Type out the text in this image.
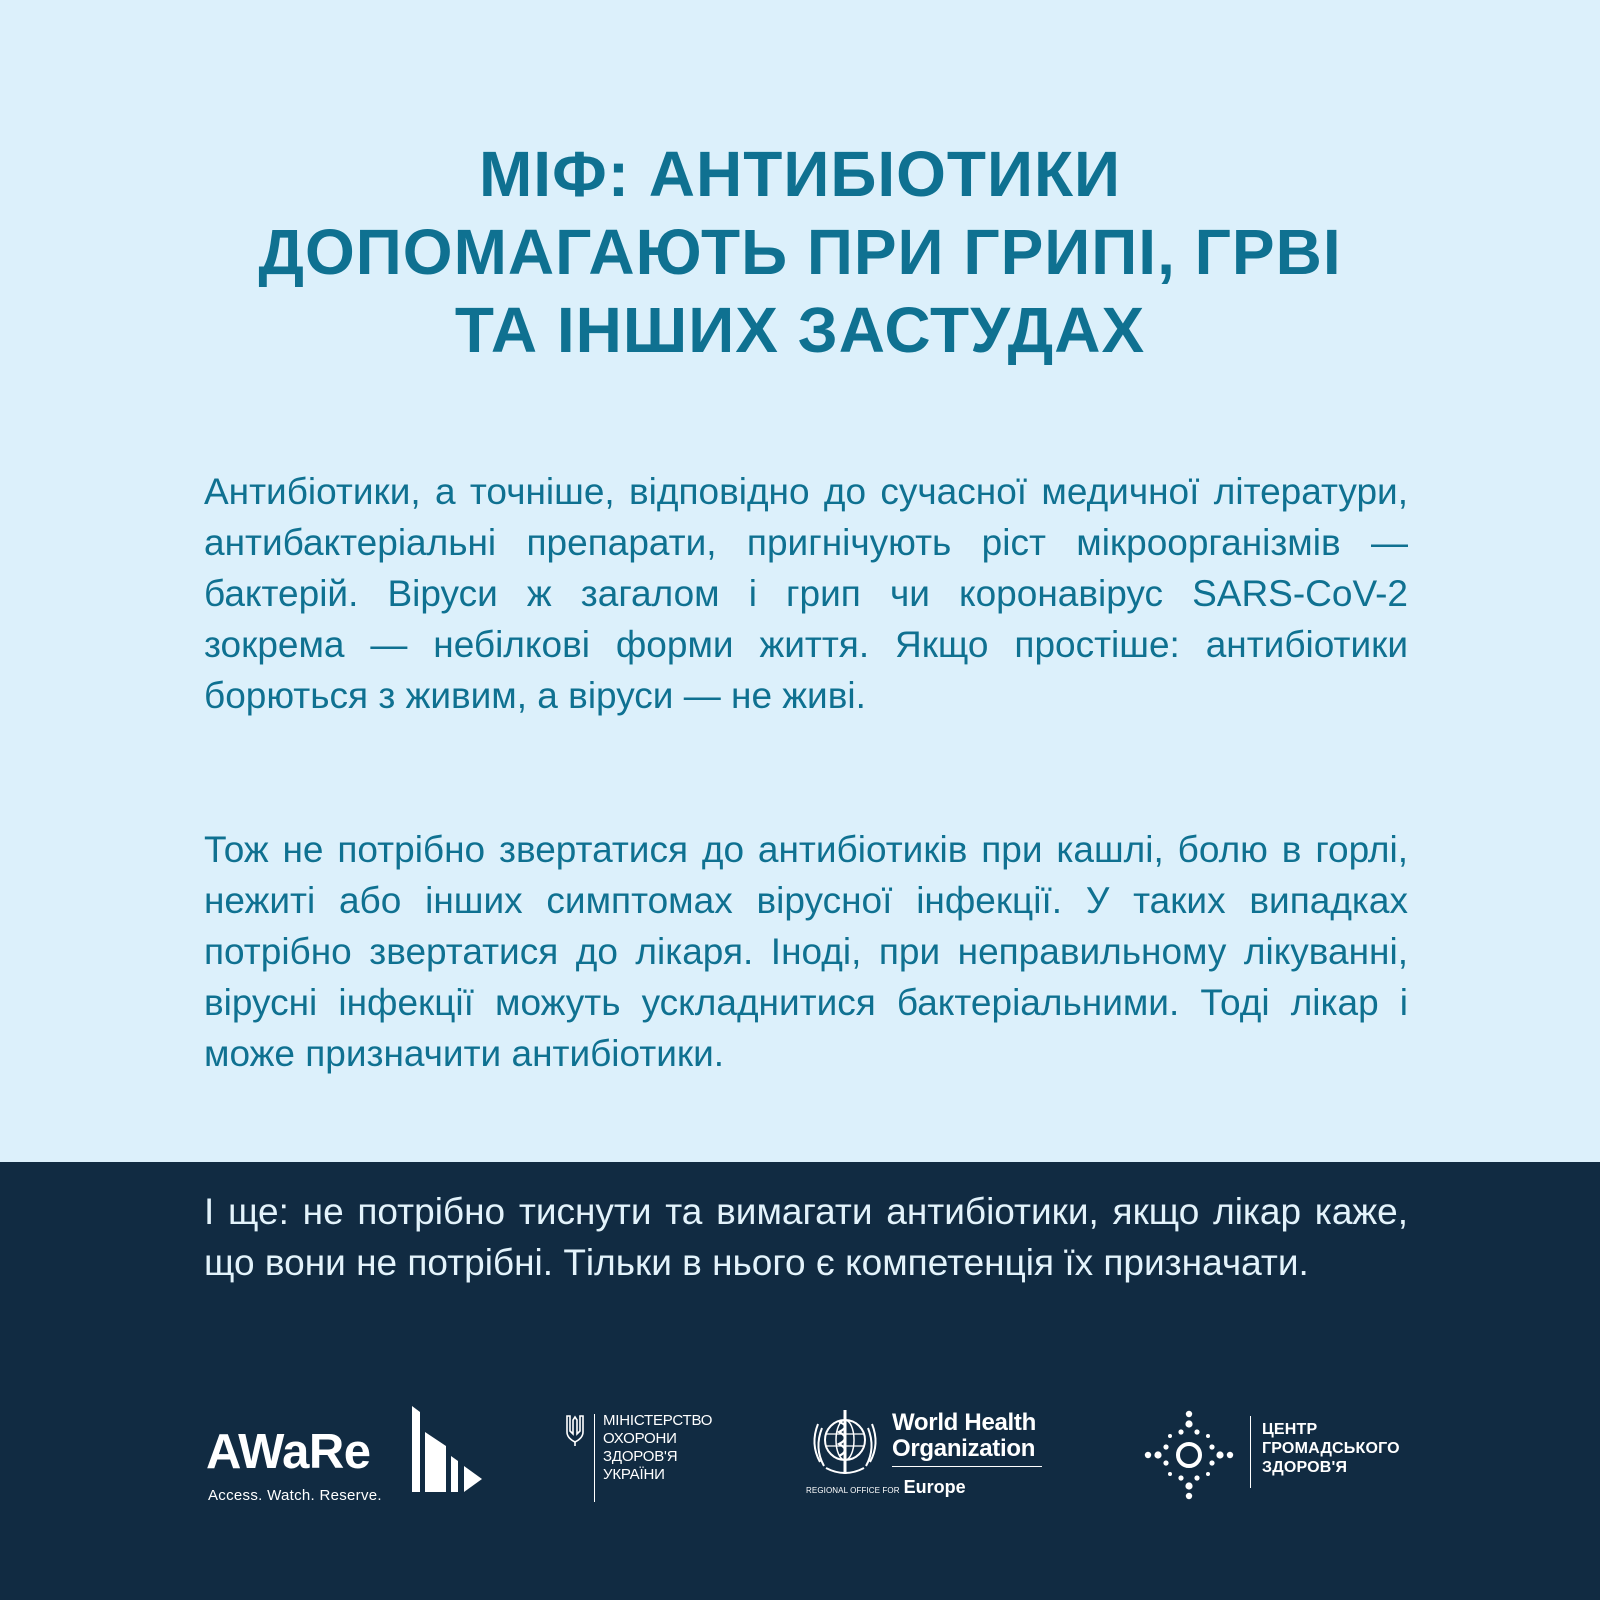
МІФ: АНТИБІОТИКИ
ДОПОМАГАЮТЬ ПРИ ГРИПІ, ГРВІ
ТА ІНШИХ ЗАСТУДАХ

Антибіотики, а точніше, відповідно до сучасної медичної літератури, антибактеріальні препарати, пригнічують ріст мікроорганізмів — бактерій. Віруси ж загалом і грип чи коронавірус SARS-CoV-2 зокрема — небілкові форми життя. Якщо простіше: антибіотики борються з живим, а віруси — не живі.

Тож не потрібно звертатися до антибіотиків при кашлі, болю в горлі, нежиті або інших симптомах вірусної інфекції. У таких випадках потрібно звертатися до лікаря. Іноді, при неправильному лікуванні, вірусні інфекції можуть ускладнитися бактеріальними. Тоді лікар і може призначити антибіотики.

І ще: не потрібно тиснути та вимагати антибіотики, якщо лікар каже, що вони не потрібні. Тільки в нього є компетенція їх призначати.

AWaRe
Access. Watch. Reserve.
МІНІСТЕРСТВО
ОХОРОНИ
ЗДОРОВ'Я
УКРАЇНИ
World Health
Organization
REGIONAL OFFICE FOR Europe
ЦЕНТР
ГРОМАДСЬКОГО
ЗДОРОВ'Я
